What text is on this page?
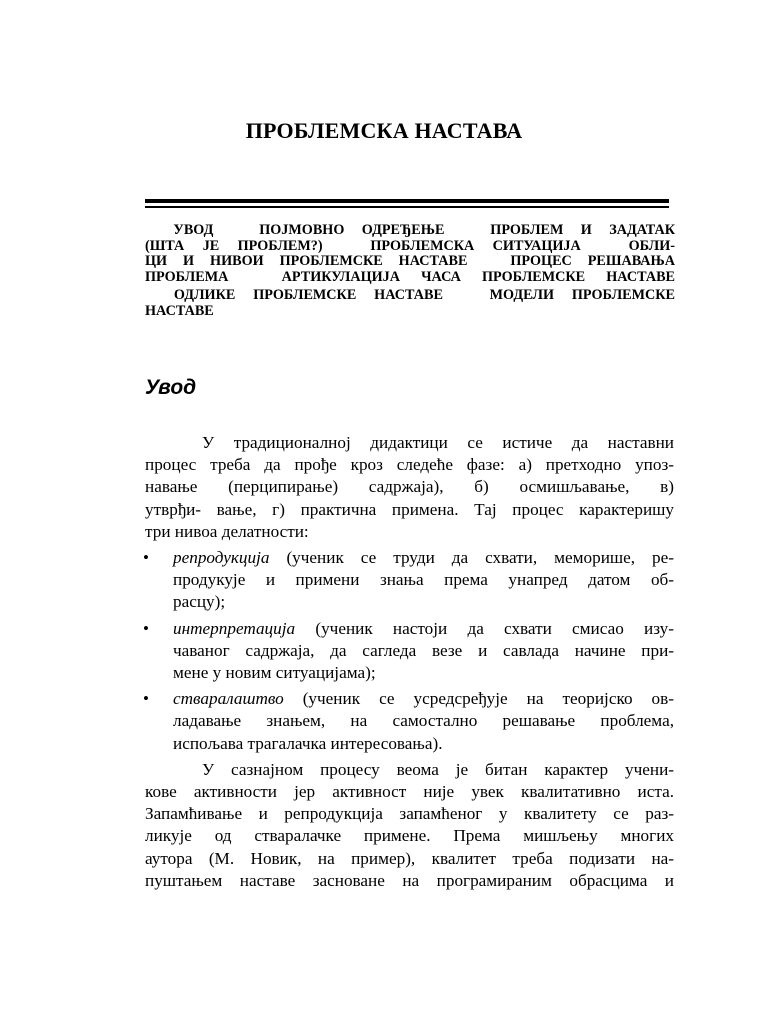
ПРОБЛЕМСКА НАСТАВА
УВОД ПОЈМОВНО ОДРЕЂЕЊЕ ПРОБЛЕМ И ЗАДАТАК
(ШТА ЈЕ ПРОБЛЕМ?) ПРОБЛЕМСКА СИТУАЦИЈА ОБЛИ-
ЦИ И НИВОИ ПРОБЛЕМСКЕ НАСТАВЕ ПРОЦЕС РЕШАВАЊА
ПРОБЛЕМА АРТИКУЛАЦИЈА ЧАСА ПРОБЛЕМСКЕ НАСТАВЕ
ОДЛИКЕ ПРОБЛЕМСКЕ НАСТАВЕ МОДЕЛИ ПРОБЛЕМСКЕ
НАСТАВЕ
Увод
У традиционалној дидактици се истиче да наставни
процес треба да прође кроз следеће фазе: а) претходно упоз-
навање (перципирање) садржаја), б) осмишљавање, в)
утврђи- вање, г) практична примена. Тај процес карактеришу
три нивоа делатности:
• репродукција (ученик се труди да схвати, меморише, ре-
продукује и примени знања према унапред датом об-
расцу);
• интерпретација (ученик настоји да схвати смисао изу-
чаваног садржаја, да сагледа везе и савлада начине при-
мене у новим ситуацијама);
• стваралаштво (ученик се усредсређује на теоријско ов-
ладавање знањем, на самостално решавање проблема,
испољава трагалачка интересовања).
У сазнајном процесу веома је битан карактер учени-
кове активности јер активност није увек квалитативно иста.
Запамћивање и репродукција запамћеног у квалитету се раз-
ликује од стваралачке примене. Према мишљењу многих
аутора (М. Новик, на пример), квалитет треба подизати на-
пуштањем наставе засноване на програмираним обрасцима и
